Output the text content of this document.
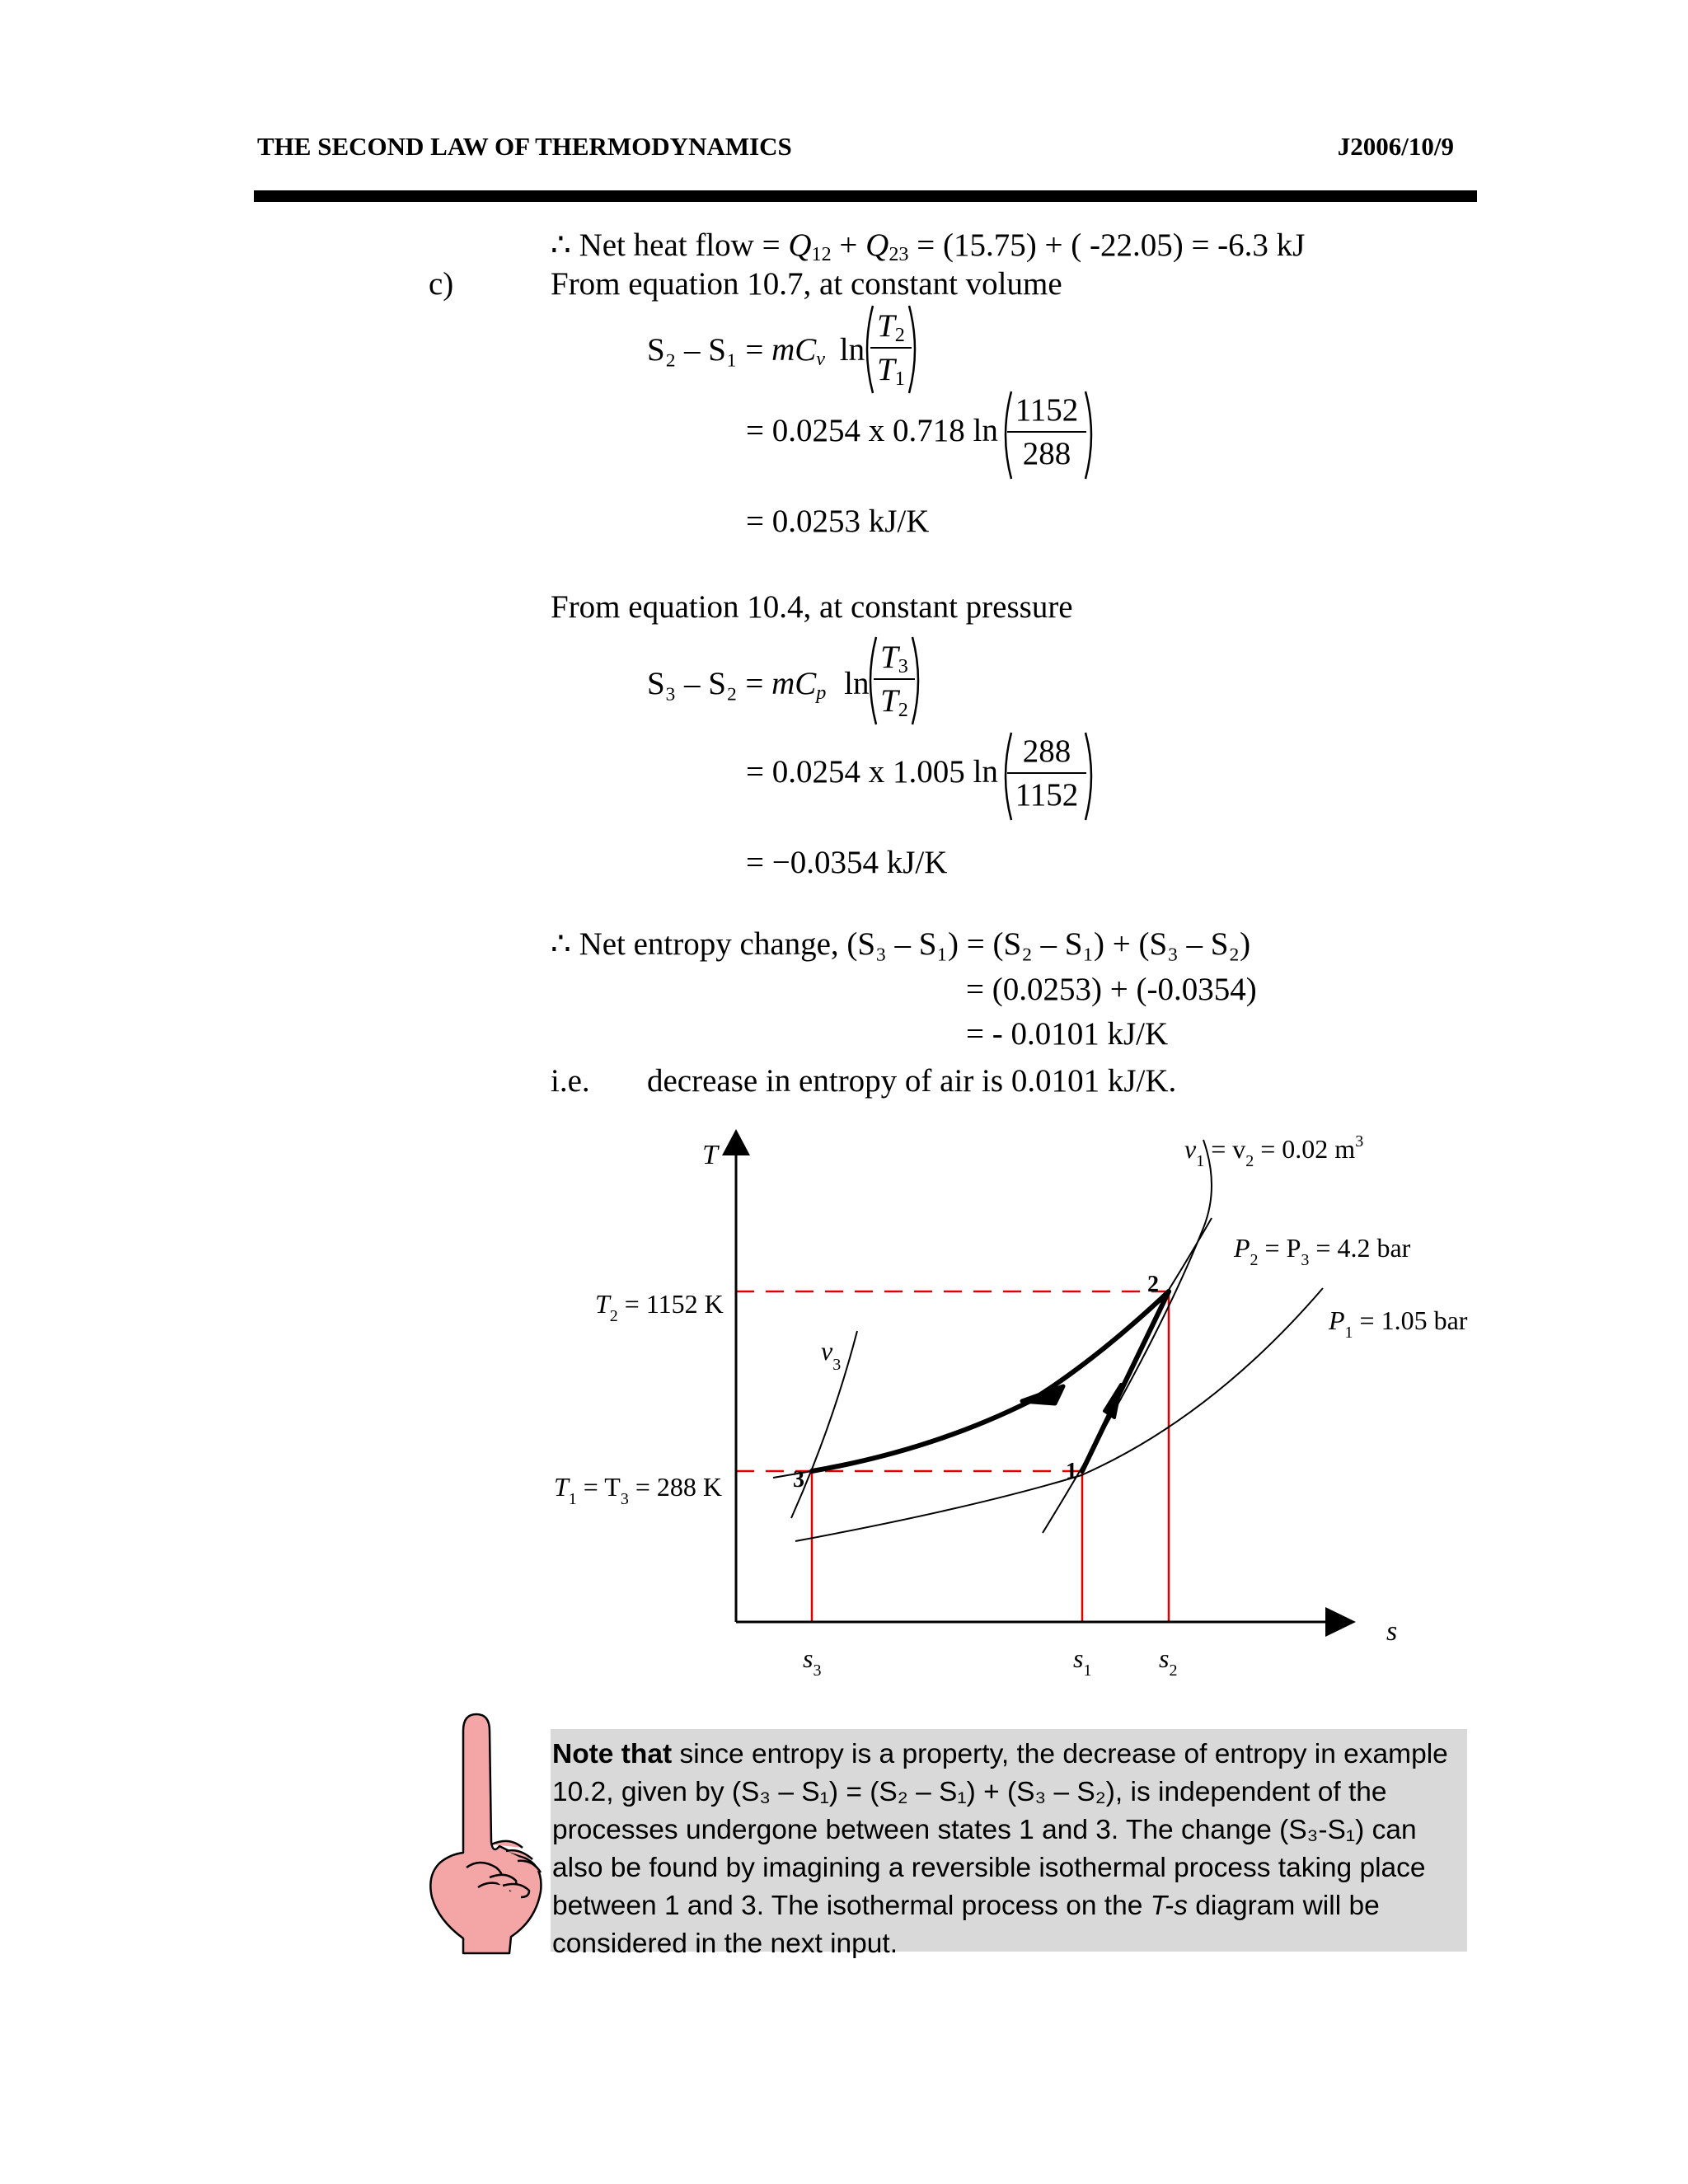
THE SECOND LAW OF THERMODYNAMICS	J2006/10/9
∴ Net heat flow = $Q_{12} + Q_{23} = (15.75)$ + ( -22.05) = -6.3 kJ
c)	From equation 10.7, at constant volume
$S_2 - S_1 = mC_v$ $\ln \frac{T_2}{T_1}$
= 0.0254 x 0.718 $\ln \frac{1152}{288}$
= 0.0253 kJ/K
From equation 10.4, at constant pressure
$S_3 - S_2 = mC_p$ $\ln \frac{T_3}{T_2}$
= 0.0254 x 1.005 $\ln \frac{288}{1152}$
= −0.0354 kJ/K
∴ Net entropy change, (S₃ – S₁) = (S₂ – S₁) + (S₃ – S₂)
= (0.0253) + (-0.0354)
= - 0.0101 kJ/K
i.e. decrease in entropy of air is 0.0101 kJ/K.
T
s
2
1
3
$T_2 = 1152$ K
$T_1 = T_3 = 288$ K
$v_3$
$v_1 = v_2 = 0.02$ $m^3$
$P_2 = P_3 = 4.2$ bar
$P_1 = 1.05$ bar
$s_3$	$s_1$	$s_2$
Note that since entropy is a property, the decrease of entropy in example 10.2, given by (S₃ – S₁) = (S₂ – S₁) + (S₃ – S₂), is independent of the processes undergone between states 1 and 3. The change (S₃-S₁) can also be found by imagining a reversible isothermal process taking place between 1 and 3. The isothermal process on the T-s diagram will be considered in the next input.
